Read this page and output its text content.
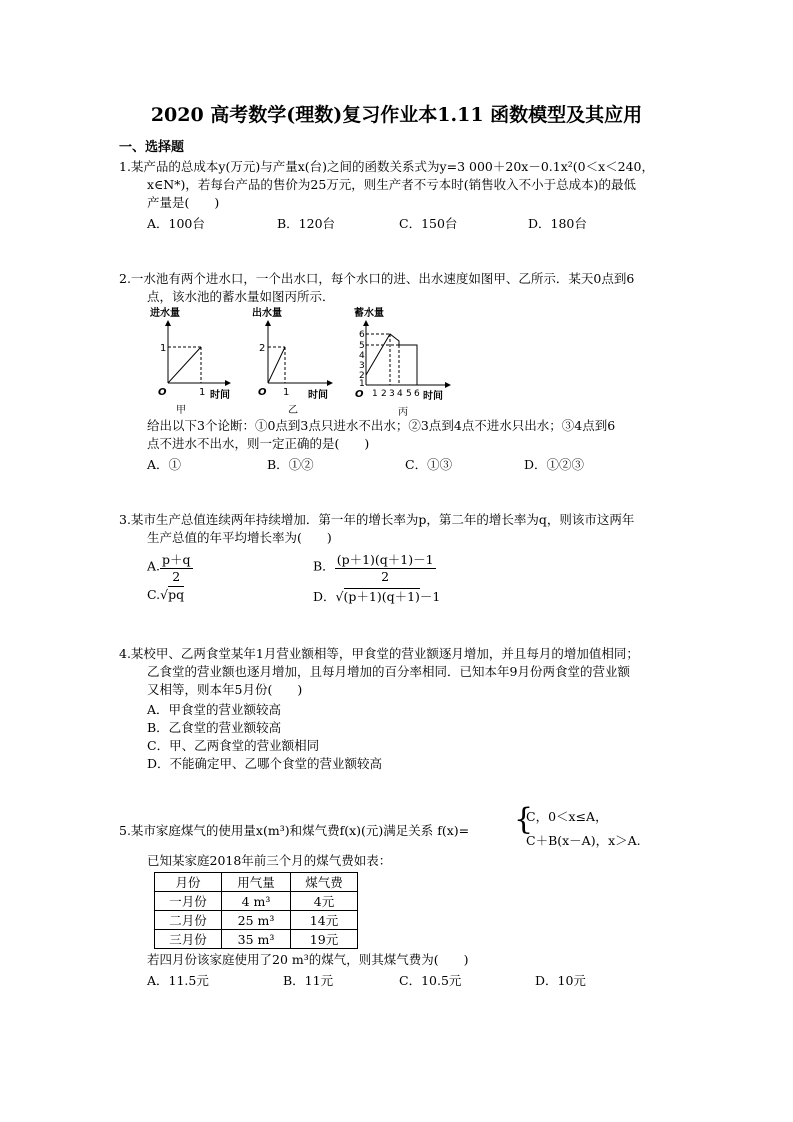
2020 高考数学(理数)复习作业本1.11 函数模型及其应用
一、选择题
1.某产品的总成本y(万元)与产量x(台)之间的函数关系式为y=3 000＋20x－0.1x²(0＜x＜240，
x∈N*)，若每台产品的售价为25万元，则生产者不亏本时(销售收入不小于总成本)的最低
产量是(　　)
A．100台	B．120台	C．150台	D．180台
2.一水池有两个进水口，一个出水口，每个水口的进、出水速度如图甲、乙所示．某天0点到6
点，该水池的蓄水量如图丙所示．
进水量
1
O	1 时间
甲
出水量
2
O 1 时间
乙
蓄水量
6
5
4
3
2
1
O 1 2 3 4 5 6 时间
丙
给出以下3个论断：①0点到3点只进水不出水；②3点到4点不进水只出水；③4点到6
点不进水不出水，则一定正确的是(　　)
A．①	B．①②	C．①③	D．①②③
3.某市生产总值连续两年持续增加．第一年的增长率为p，第二年的增长率为q，则该市这两年
生产总值的年平均增长率为(　　)
A. $\frac{p+q}{2}$	B． $\frac{(p+1)(q+1)-1}{2}$
C.√pq	D．√(p＋1)(q＋1)－1
4.某校甲、乙两食堂某年1月营业额相等，甲食堂的营业额逐月增加，并且每月的增加值相同；
乙食堂的营业额也逐月增加，且每月增加的百分率相同．已知本年9月份两食堂的营业额
又相等，则本年5月份(　　)
A．甲食堂的营业额较高
B．乙食堂的营业额较高
C．甲、乙两食堂的营业额相同
D．不能确定甲、乙哪个食堂的营业额较高
5.某市家庭煤气的使用量x(m³)和煤气费f(x)(元)满足关系 f(x)= {
C，0＜x≤A，
C＋B(x－A)，x＞A.
已知某家庭2018年前三个月的煤气费如表：
月份	用气量	煤气费
一月份	4 m³	4元
二月份	25 m³	14元
三月份	35 m³	19元
若四月份该家庭使用了20 m³的煤气，则其煤气费为(　　)
A．11.5元	B．11元	C．10.5元	D．10元
